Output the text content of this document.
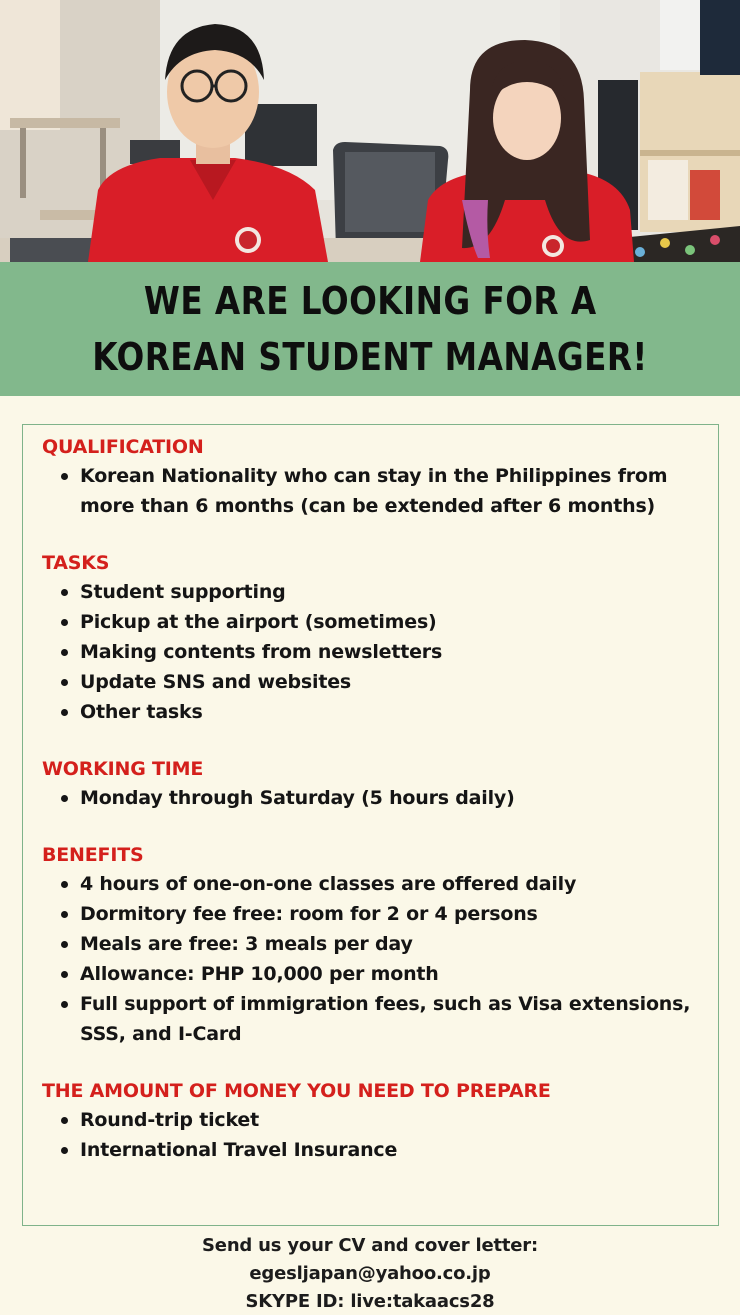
WE ARE LOOKING FOR A
KOREAN STUDENT MANAGER!
QUALIFICATION
Korean Nationality who can stay in the Philippines from more than 6 months (can be extended after 6 months)
TASKS
Student supporting
Pickup at the airport (sometimes)
Making contents from newsletters
Update SNS and websites
Other tasks
WORKING TIME
Monday through Saturday (5 hours daily)
BENEFITS
4 hours of one-on-one classes are offered daily
Dormitory fee free: room for 2 or 4 persons
Meals are free: 3 meals per day
Allowance: PHP 10,000 per month
Full support of immigration fees, such as Visa extensions, SSS, and I-Card
THE AMOUNT OF MONEY YOU NEED TO PREPARE
Round-trip ticket
International Travel Insurance
Send us your CV and cover letter:
egesljapan@yahoo.co.jp
SKYPE ID: live:takaacs28
